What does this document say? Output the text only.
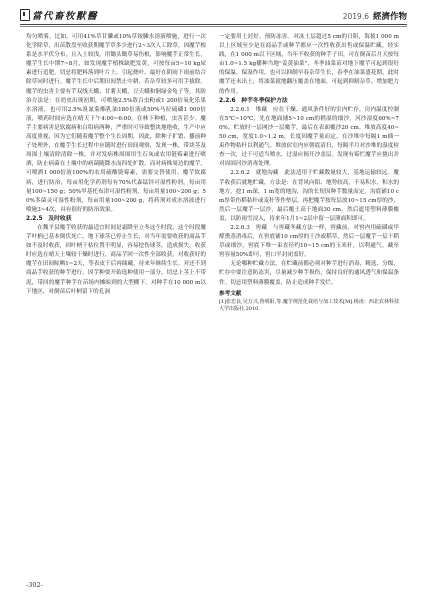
當代畜牧獸醫	2019.6 經濟作物

均匀喷雾，比如，可用41%草甘膦或10%草铵膦水溶液喷施，进行一次化学除草，出苗散盘至收获期魔芋草多少进行2~3次人工除草，因魔芋根系是水平伏分布，且入土较浅，用锄头锄草易伤根，影响魔芋正常生长，魔芋生长中期7~8月，如发现魔芋植株缺肥发黄，可按每亩5~10 kg尿素进行追肥，切忌将肥料落到叶片上，引起烧叶，最好在阴雨下雨前结合除草同时进行。魔芋生长中后期田间禁止中耕，若杂草较多可用手拔除。魔芋的虫害主要有芋双线天蛾、甘薯天蛾，豆天蛾和铜绿金龟子等。其防治方法是：在幼虫出现初期，可喷施2.5%敌百虫粉或1 200倍氧化乐果水溶液，也可用2.5%溴氰菊酯乳油180倍液或50%马拉硫磷1 000倍液，喷药时间应选在晴天下午4:00~6:00，在林下种植，虫害甚少。魔芋主要病害是软腐病和白绢病两种，严重时可导致整块地绝收，生产中应高度重视，因为它们随着魔芋整个生长周期，因此，除种子扩繁、播前种子处理外，在魔芋生长过程中应随时进行田间观察，发现一株，带块茎及周围土壤清除清除一株，并对发病株周围用生石灰或农用链霉素进行喷洒，防止病菌在土壤中的病菌随降水而四处扩散，而对病株周边的魔芋，可喷洒1 000倍液100%的农用硫酸链霉素，需要交替使用。魔芋软腐病，进行防治，每亩用化学药剂每有70%代森锰锌可湿性粉剂，每亩用量100~150 g；50%甲基托布津可湿性粉剂，每亩用量100~200 g；50%多菌灵可湿性粉剂，每亩用量100~200 g，将药剂对成水溶液进行喷施3~4次，具有很好的防治效果。

2.2.5　及时收获

在魏平县魔芋收获的最适宜时间是霜降至立冬这个时段，这个时段魔芋叶柄已基本倒伏死亡，地下球茎已停止生长，对当年需要收获的商品芋如不及时收获，因叶柄干枯位置不明显，容易挖伤球茎，造成损失。收获时应选在晴天土壤较干燥时进行，商品芋回一次性全部收获，对收获好的魔芋在田间晾晒1~2天，等表皮干后再储藏，待来年继续生长。对还不到商品芋收获的种芋进行，因芋种要开始选种使用一部分，切忌上茎上不带泥，带回的魔芋种芋在苗场内摊晾到的大型棚下，对种芋在10 000 m以下地区，对倒苗后叶柄留下的孔洞

一定要用土封好，预防冻害。对冻土层超过5 cm的日阻，海拔1 000 m以上区域至少是在商品芋或种芋都应一次性收获出售或保温贮藏。经实践，在1 000 m以下区域，当年不收获的种芋子田，可在倒苗后月天按每亩1.0~1.5 kg播种当地"姜黄油菜"，冬季油菜苗对地下魔芋可起到很好的保温、保湿作用，也可以抑制早春杂草生长，春季在油菜盛花期，此时魔芋还未出土，将油菜就地翻压覆盖在地面，可起到抑制杂草、增加肥力的作用。

2.2.6　种芋冬季保护方法

2.2.6.1　堆藏　应在干燥、通风条件好的室内贮存，房内温度控制在5℃~10℃，先在地面铺5~10 cm的稍湿的细沙，河沙湿度60%~70%，贮放时一层网沙一层魔芋，最后在表面覆沙20 cm。堆放高度40~50 cm，宽度1.0~1.2 m，长度因魔芋量而定。在沙堆中每隔1 m插一束作物秸秆以利通气。堆放宿室内应朝底清扫，每隔半月对沙堆的湿度检查一次，过干可适当喷水，过湿应揭开沙盖层。发现有霉烂魔芋应挑出并对周围河沙消毒处理。

2.2.6.2　就地沟藏　此法适用于贮藏数量较大，基地运输较远。魔芋收获后就地贮藏，方法是：在背风向阳、地势较高，不易积水，积水的地方，挖1 m深，1 m宽的地沟，沟的长短因种芋数量而定。沟底铺10 cm厚带伤稻秸秆或麦秆等作垫层，再把魔芋按每层放10~15 cm厚的沙，然后一层魔芋一层沙，最后覆土高于地面30 cm，然后遮用塑料薄膜覆盖，以防雨雪浸入，待来年1月1~2层中留一层薄面积即可。

2.2.6.3　窖藏　与窖藏冬藏方法一样，窖藏前，对窖内用硫磺或甲醛熏蒸消毒后，在窖底铺10 cm厚的干沙或稻草，然后一层魔芋一层干稻草或细沙，窖底下堆一束直径约10~15 cm的玉米秆，以利通气。藏至窖容量50%即可，窖口半封闭盖好。

无论哪种贮藏方法，在贮藏前都必须对种芋进行消毒，精选、分级，贮存中要注意防冻害，尽量减少种芋损伤，保持良好的通风透气和保温条件。切忌用塑料薄膜覆盖，防止造成种芋发烂。

参考文献

[1]张忠良,吴万兴,鲁明阳,等.魔芋规范化栽培与加工技术[M].杨凌：西北农林科技大学出版社,2010.

-302-
